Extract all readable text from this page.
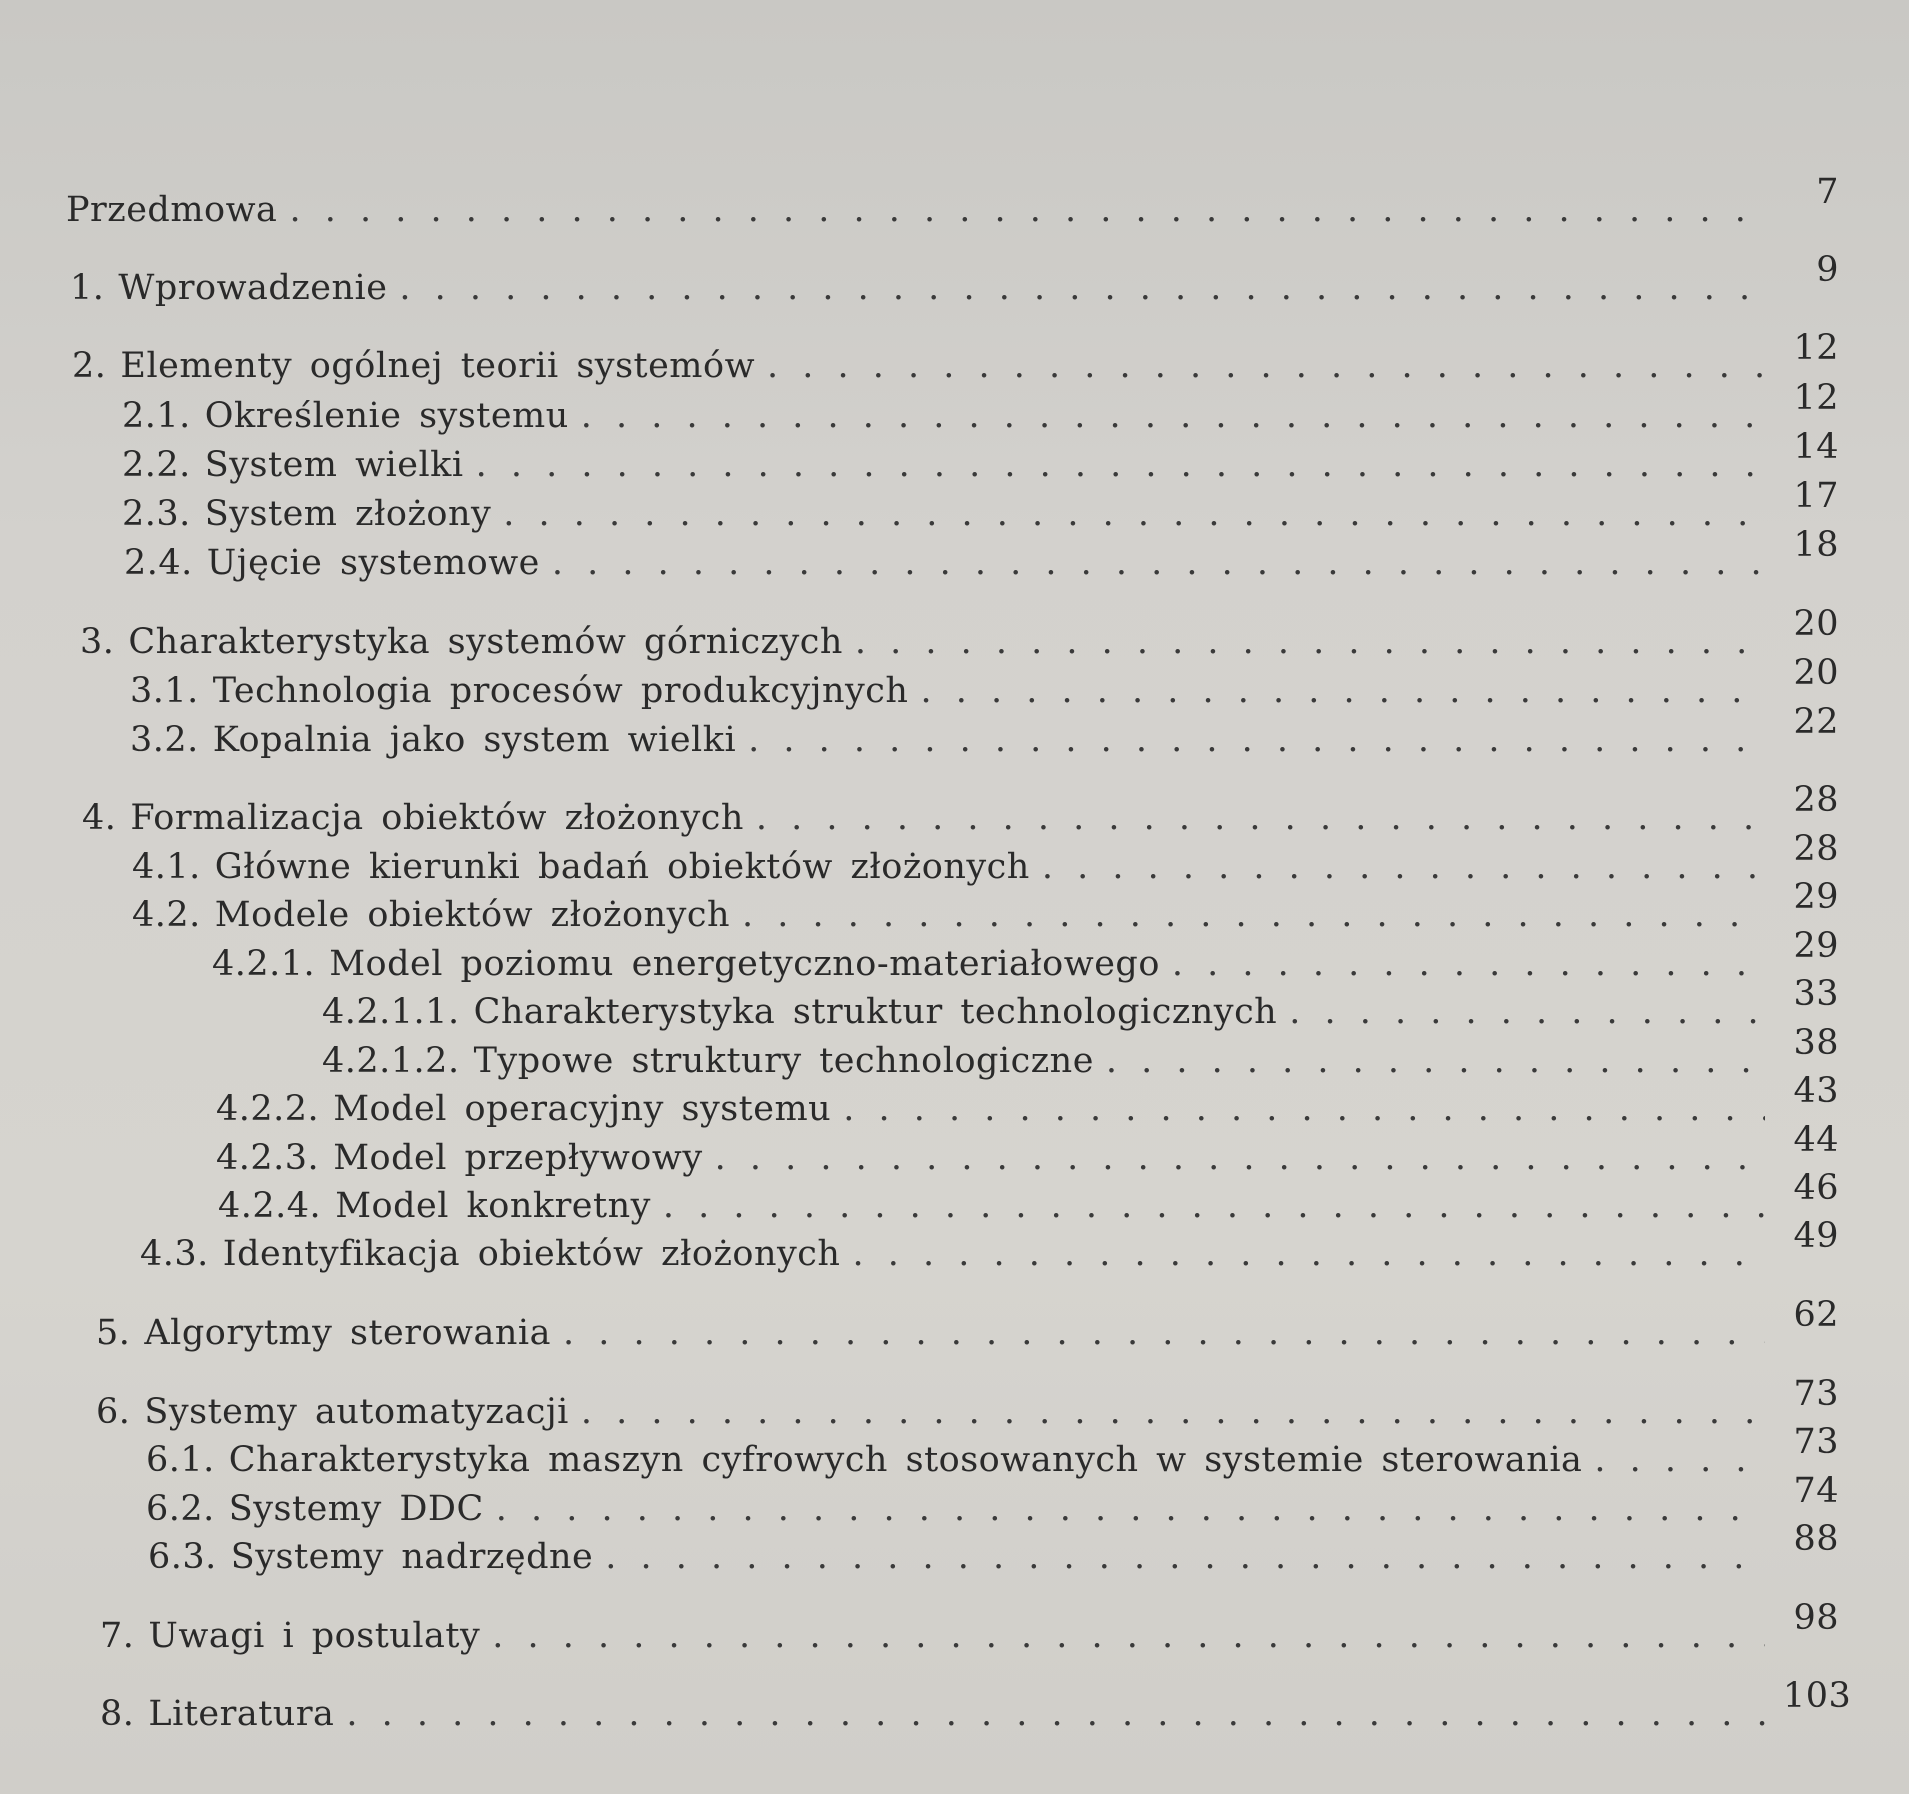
Przedmowa . . .	7
1. Wprowadzenie . . .	9
2. Elementy ogólnej teorii systemów . . .	12
2.1. Określenie systemu . . .	12
2.2. System wielki . . .	14
2.3. System złożony . . .	17
2.4. Ujęcie systemowe . . .	18
3. Charakterystyka systemów górniczych . . .	20
3.1. Technologia procesów produkcyjnych . . .	20
3.2. Kopalnia jako system wielki . . .	22
4. Formalizacja obiektów złożonych . . .	28
4.1. Główne kierunki badań obiektów złożonych . . .	28
4.2. Modele obiektów złożonych . . .	29
4.2.1. Model poziomu energetyczno-materiałowego . . .	29
4.2.1.1. Charakterystyka struktur technologicznych . . .	33
4.2.1.2. Typowe struktury technologiczne . . .	38
4.2.2. Model operacyjny systemu . . .	43
4.2.3. Model przepływowy . . .	44
4.2.4. Model konkretny . . .	46
4.3. Identyfikacja obiektów złożonych . . .	49
5. Algorytmy sterowania . . .	62
6. Systemy automatyzacji . . .	73
6.1. Charakterystyka maszyn cyfrowych stosowanych w systemie sterowania . . .	73
6.2. Systemy DDC . . .	74
6.3. Systemy nadrzędne . . .	88
7. Uwagi i postulaty . . .	98
8. Literatura . . .	103
